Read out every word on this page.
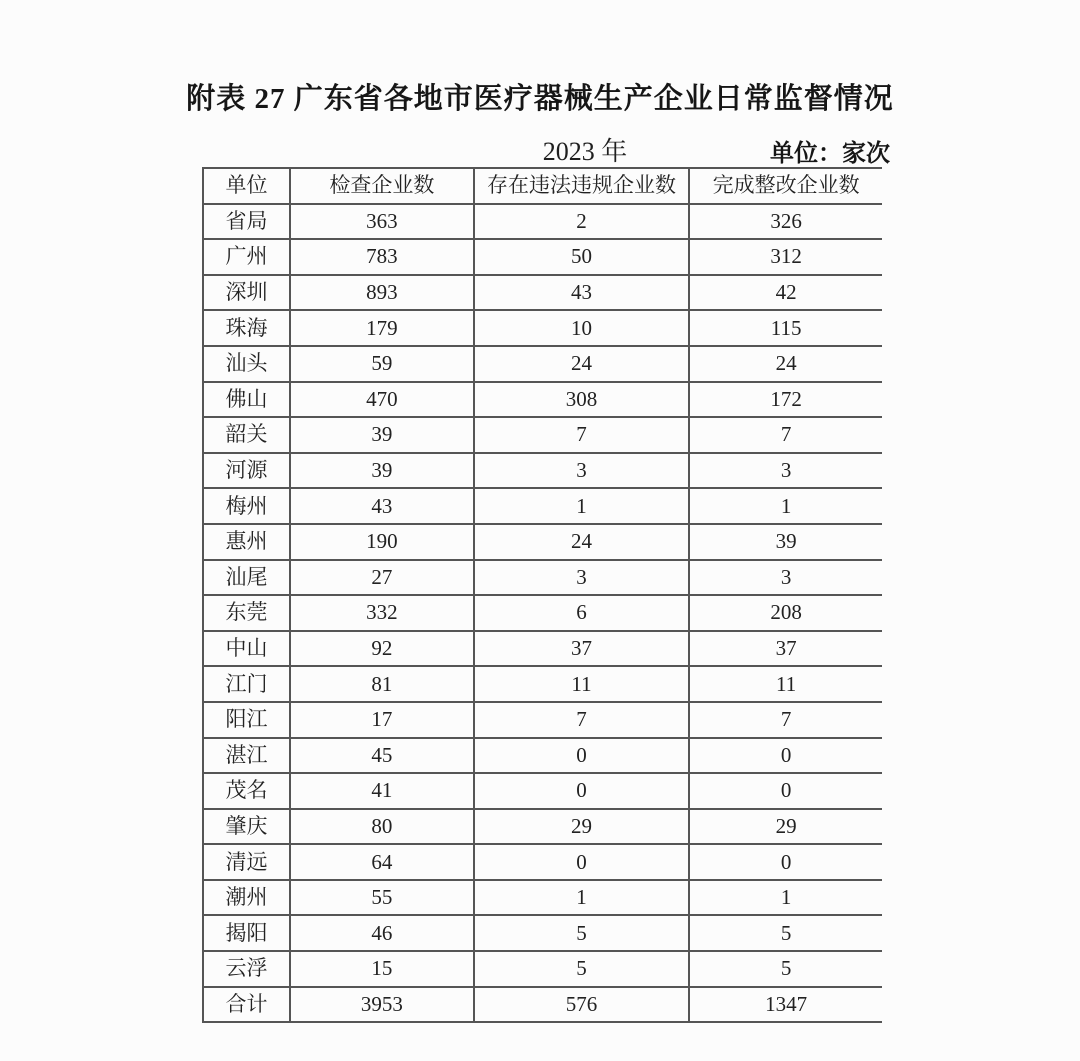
附表 27 广东省各地市医疗器械生产企业日常监督情况
2023 年	单位：家次
单位	检查企业数	存在违法违规企业数	完成整改企业数
省局	363	2	326
广州	783	50	312
深圳	893	43	42
珠海	179	10	115
汕头	59	24	24
佛山	470	308	172
韶关	39	7	7
河源	39	3	3
梅州	43	1	1
惠州	190	24	39
汕尾	27	3	3
东莞	332	6	208
中山	92	37	37
江门	81	11	11
阳江	17	7	7
湛江	45	0	0
茂名	41	0	0
肇庆	80	29	29
清远	64	0	0
潮州	55	1	1
揭阳	46	5	5
云浮	15	5	5
合计	3953	576	1347
